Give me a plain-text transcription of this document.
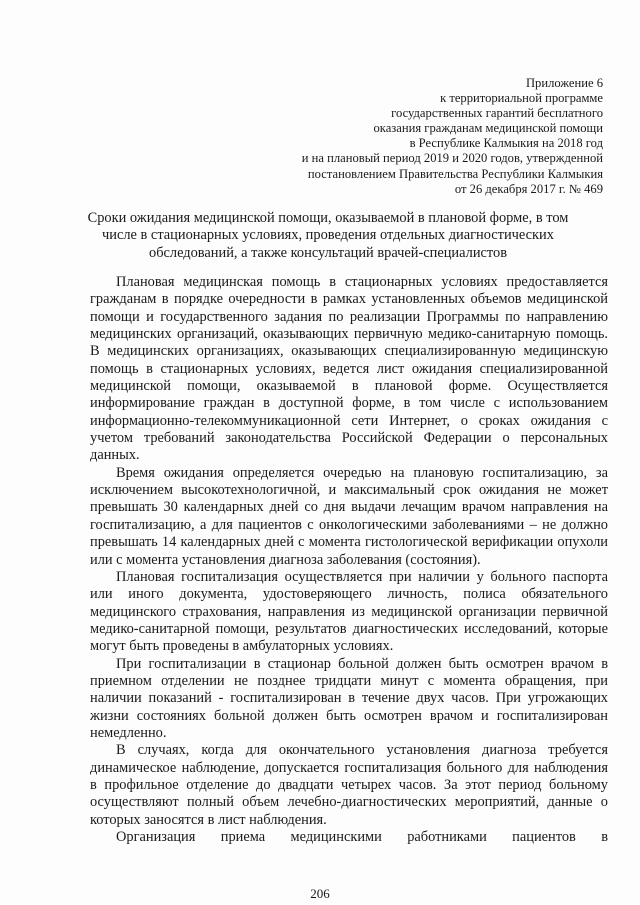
Приложение 6
к территориальной программе
государственных гарантий бесплатного
оказания гражданам медицинской помощи
в Республике Калмыкия на 2018 год
и на плановый период 2019 и 2020 годов, утвержденной
постановлением Правительства Республики Калмыкия
от 26 декабря 2017 г. № 469
Сроки ожидания медицинской помощи, оказываемой в плановой форме, в том числе в стационарных условиях, проведения отдельных диагностических обследований, а также консультаций врачей-специалистов

Плановая медицинская помощь в стационарных условиях предоставляется гражданам в порядке очередности в рамках установленных объемов медицинской помощи и государственного задания по реализации Программы по направлению медицинских организаций, оказывающих первичную медико-санитарную помощь. В медицинских организациях, оказывающих специализированную медицинскую помощь в стационарных условиях, ведется лист ожидания специализированной медицинской помощи, оказываемой в плановой форме. Осуществляется информирование граждан в доступной форме, в том числе с использованием информационно-телекоммуникационной сети Интернет, о сроках ожидания с учетом требований законодательства Российской Федерации о персональных данных.

Время ожидания определяется очередью на плановую госпитализацию, за исключением высокотехнологичной, и максимальный срок ожидания не может превышать 30 календарных дней со дня выдачи лечащим врачом направления на госпитализацию, а для пациентов с онкологическими заболеваниями – не должно превышать 14 календарных дней с момента гистологической верификации опухоли или с момента установления диагноза заболевания (состояния).

Плановая госпитализация осуществляется при наличии у больного паспорта или иного документа, удостоверяющего личность, полиса обязательного медицинского страхования, направления из медицинской организации первичной медико-санитарной помощи, результатов диагностических исследований, которые могут быть проведены в амбулаторных условиях.

При госпитализации в стационар больной должен быть осмотрен врачом в приемном отделении не позднее тридцати минут с момента обращения, при наличии показаний - госпитализирован в течение двух часов. При угрожающих жизни состояниях больной должен быть осмотрен врачом и госпитализирован немедленно.

В случаях, когда для окончательного установления диагноза требуется динамическое наблюдение, допускается госпитализация больного для наблюдения в профильное отделение до двадцати четырех часов. За этот период больному осуществляют полный объем лечебно-диагностических мероприятий, данные о которых заносятся в лист наблюдения.

Организация приема медицинскими работниками пациентов в

206
